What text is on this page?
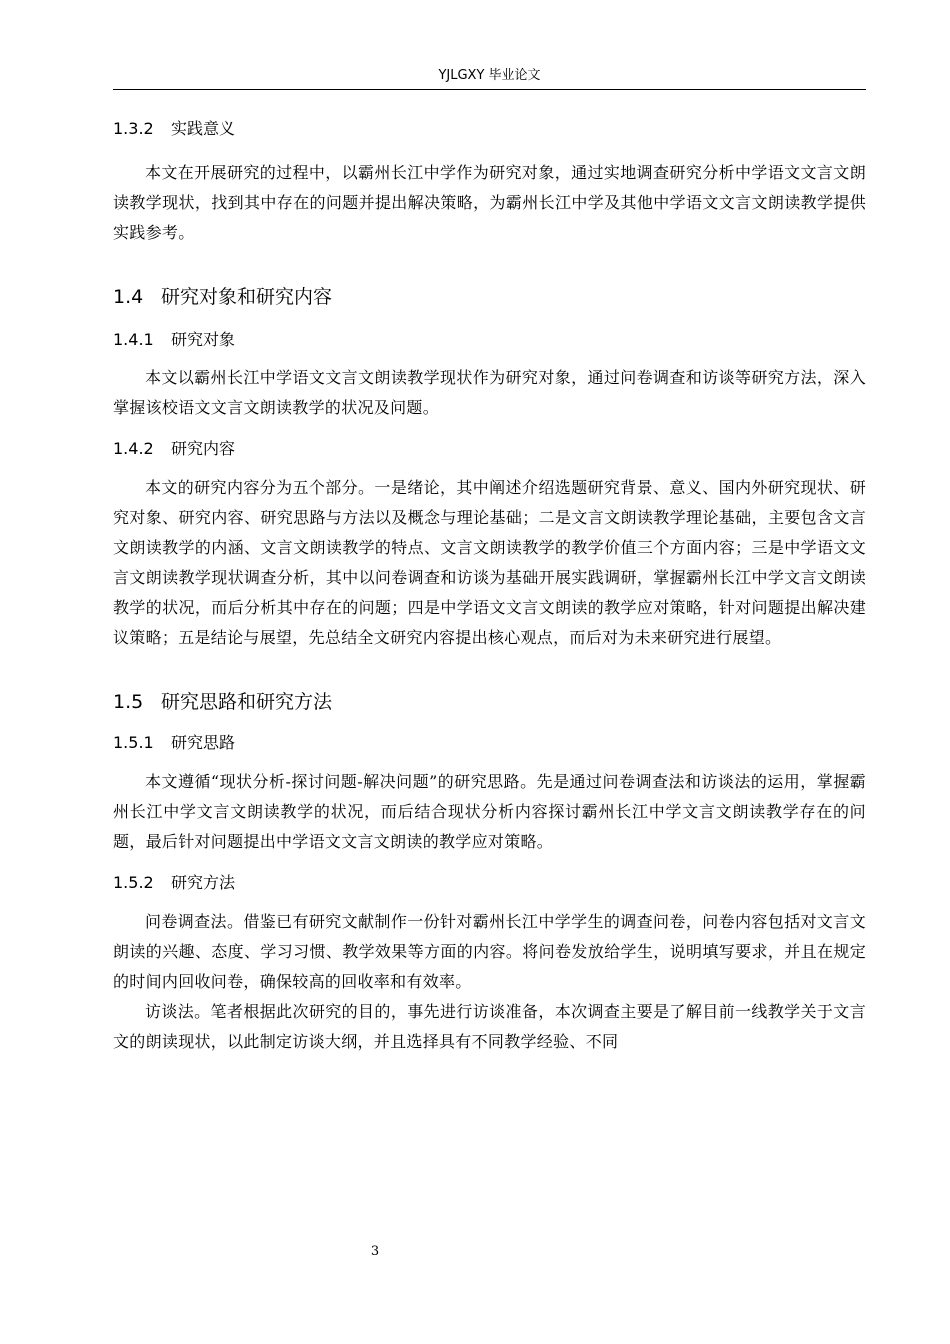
YJLGXY 毕业论文
1.3.2 实践意义

本文在开展研究的过程中，以霸州长江中学作为研究对象，通过实地调查研究分析中学语文文言文朗读教学现状，找到其中存在的问题并提出解决策略，为霸州长江中学及其他中学语文文言文朗读教学提供实践参考。

1.4 研究对象和研究内容
1.4.1 研究对象

本文以霸州长江中学语文文言文朗读教学现状作为研究对象，通过问卷调查和访谈等研究方法，深入掌握该校语文文言文朗读教学的状况及问题。

1.4.2 研究内容

本文的研究内容分为五个部分。一是绪论，其中阐述介绍选题研究背景、意义、国内外研究现状、研究对象、研究内容、研究思路与方法以及概念与理论基础；二是文言文朗读教学理论基础，主要包含文言文朗读教学的内涵、文言文朗读教学的特点、文言文朗读教学的教学价值三个方面内容；三是中学语文文言文朗读教学现状调查分析，其中以问卷调查和访谈为基础开展实践调研，掌握霸州长江中学文言文朗读教学的状况，而后分析其中存在的问题；四是中学语文文言文朗读的教学应对策略，针对问题提出解决建议策略；五是结论与展望，先总结全文研究内容提出核心观点，而后对为未来研究进行展望。

1.5 研究思路和研究方法
1.5.1 研究思路

本文遵循“现状分析-探讨问题-解决问题”的研究思路。先是通过问卷调查法和访谈法的运用，掌握霸州长江中学文言文朗读教学的状况，而后结合现状分析内容探讨霸州长江中学文言文朗读教学存在的问题，最后针对问题提出中学语文文言文朗读的教学应对策略。

1.5.2 研究方法

问卷调查法。借鉴已有研究文献制作一份针对霸州长江中学学生的调查问卷，问卷内容包括对文言文朗读的兴趣、态度、学习习惯、教学效果等方面的内容。将问卷发放给学生，说明填写要求，并且在规定的时间内回收问卷，确保较高的回收率和有效率。

访谈法。笔者根据此次研究的目的，事先进行访谈准备，本次调查主要是了解目前一线教学关于文言文的朗读现状，以此制定访谈大纲，并且选择具有不同教学经验、不同

3
